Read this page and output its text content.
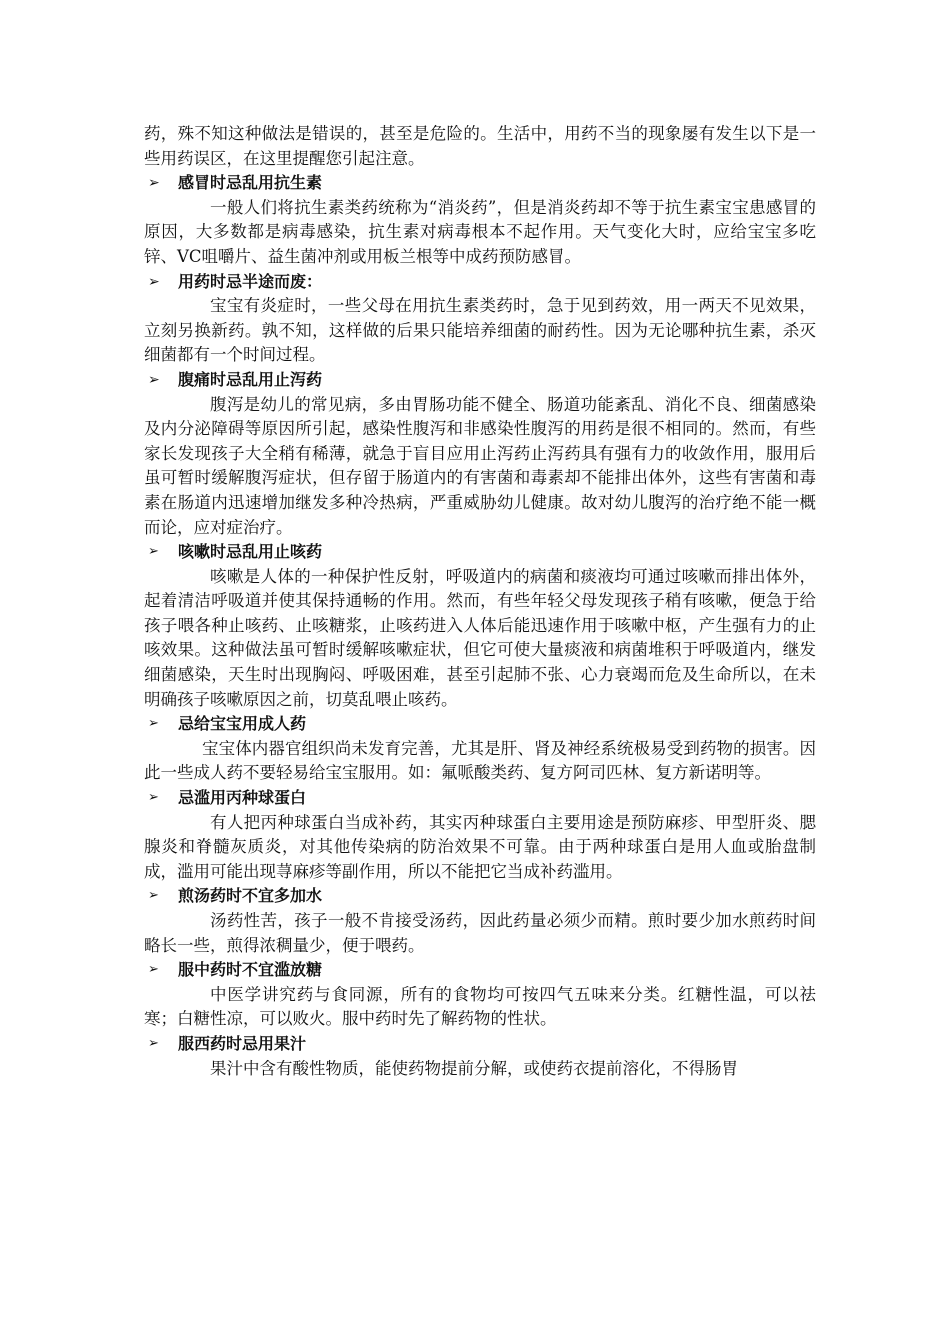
药，殊不知这种做法是错误的，甚至是危险的。生活中，用药不当的现象屡有发生以下是一些用药误区，在这里提醒您引起注意。

➢ 感冒时忌乱用抗生素

一般人们将抗生素类药统称为“消炎药”，但是消炎药却不等于抗生素宝宝患感冒的原因，大多数都是病毒感染，抗生素对病毒根本不起作用。天气变化大时，应给宝宝多吃锌、VC咀嚼片、益生菌冲剂或用板兰根等中成药预防感冒。

➢ 用药时忌半途而废：

宝宝有炎症时，一些父母在用抗生素类药时，急于见到药效，用一两天不见效果，立刻另换新药。孰不知，这样做的后果只能培养细菌的耐药性。因为无论哪种抗生素，杀灭细菌都有一个时间过程。

➢ 腹痛时忌乱用止泻药

腹泻是幼儿的常见病，多由胃肠功能不健全、肠道功能紊乱、消化不良、细菌感染及内分泌障碍等原因所引起，感染性腹泻和非感染性腹泻的用药是很不相同的。然而，有些家长发现孩子大全稍有稀薄，就急于盲目应用止泻药止泻药具有强有力的收敛作用，服用后虽可暂时缓解腹泻症状，但存留于肠道内的有害菌和毒素却不能排出体外，这些有害菌和毒素在肠道内迅速增加继发多种冷热病，严重威胁幼儿健康。故对幼儿腹泻的治疗绝不能一概而论，应对症治疗。

➢ 咳嗽时忌乱用止咳药

咳嗽是人体的一种保护性反射，呼吸道内的病菌和痰液均可通过咳嗽而排出体外，起着清洁呼吸道并使其保持通畅的作用。然而，有些年轻父母发现孩子稍有咳嗽，便急于给孩子喂各种止咳药、止咳糖浆，止咳药进入人体后能迅速作用于咳嗽中枢，产生强有力的止咳效果。这种做法虽可暂时缓解咳嗽症状，但它可使大量痰液和病菌堆积于呼吸道内，继发细菌感染，天生时出现胸闷、呼吸困难，甚至引起肺不张、心力衰竭而危及生命所以，在未明确孩子咳嗽原因之前，切莫乱喂止咳药。

➢ 忌给宝宝用成人药

宝宝体内器官组织尚未发育完善，尤其是肝、肾及神经系统极易受到药物的损害。因此一些成人药不要轻易给宝宝服用。如：氟哌酸类药、复方阿司匹林、复方新诺明等。

➢ 忌滥用丙种球蛋白

有人把丙种球蛋白当成补药，其实丙种球蛋白主要用途是预防麻疹、甲型肝炎、腮腺炎和脊髓灰质炎，对其他传染病的防治效果不可靠。由于两种球蛋白是用人血或胎盘制成，滥用可能出现荨麻疹等副作用，所以不能把它当成补药滥用。

➢ 煎汤药时不宜多加水

汤药性苦，孩子一般不肯接受汤药，因此药量必须少而精。煎时要少加水煎药时间略长一些，煎得浓稠量少，便于喂药。

➢ 服中药时不宜滥放糖

中医学讲究药与食同源，所有的食物均可按四气五味来分类。红糖性温，可以祛寒；白糖性凉，可以败火。服中药时先了解药物的性状。

➢ 服西药时忌用果汁

果汁中含有酸性物质，能使药物提前分解，或使药衣提前溶化，不得肠胃
